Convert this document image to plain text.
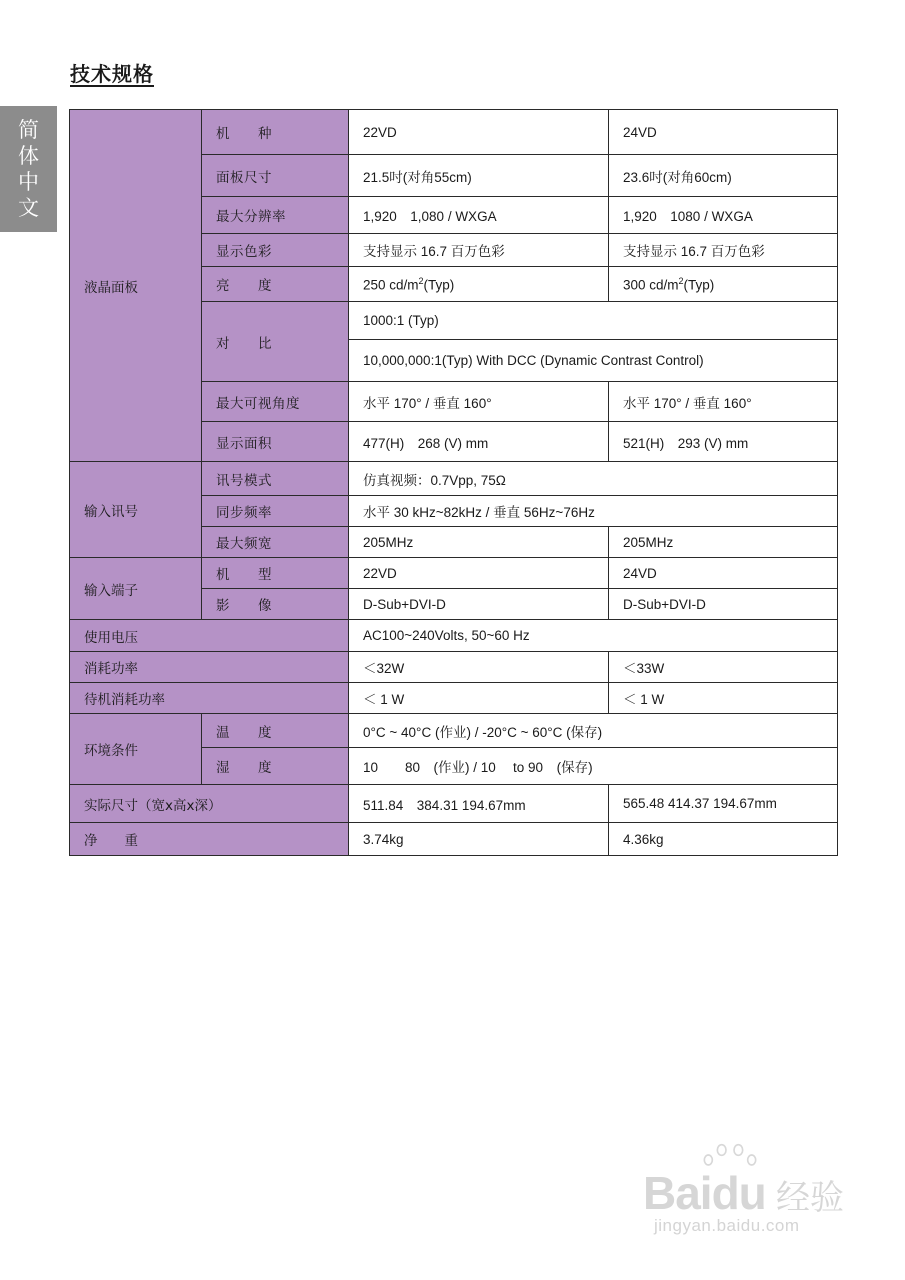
技术规格
简
体
中
文
液晶面板	机　　种	22VD	24VD
	面板尺寸	21.5吋(对角55cm)	23.6吋(对角60cm)
	最大分辨率	1,920　1,080 / WXGA	1,920　1080 / WXGA
	显示色彩	支持显示 16.7 百万色彩	支持显示 16.7 百万色彩
	亮　　度	250 $cd/m^2(Typ)$	300 $cd/m^2(Typ)$
	对　　比	1000:1 (Typ)	
		10,000,000:1(Typ) With DCC (Dynamic Contrast Control)	
	最大可视角度	水平 170° / 垂直 160°	水平 170° / 垂直 160°
	显示面积	477(H)　268 (V) mm	521(H)　293 (V) mm
输入讯号	讯号模式	仿真视频：0.7Vpp, 75Ω	
	同步频率	水平 30 kHz~82kHz / 垂直 56Hz~76Hz	
	最大频宽	205MHz	205MHz
输入端子	机　　型	22VD	24VD
	影　　像	D-Sub+DVI-D	D-Sub+DVI-D
使用电压		AC100~240Volts, 50~60 Hz	
消耗功率		＜32W	＜33W
待机消耗功率		＜ 1 W	＜ 1 W
环境条件	温　　度	0°C ~ 40°C (作业) / -20°C ~ 60°C (保存)	
	湿　　度	10　　80　(作业) / 10　 to 90　(保存)	
实际尺寸（宽x高x深）		511.84　384.31 194.67mm	565.48 414.37 194.67mm
净　　重		3.74kg	4.36kg
Baidu 经验
jingyan.baidu.com
